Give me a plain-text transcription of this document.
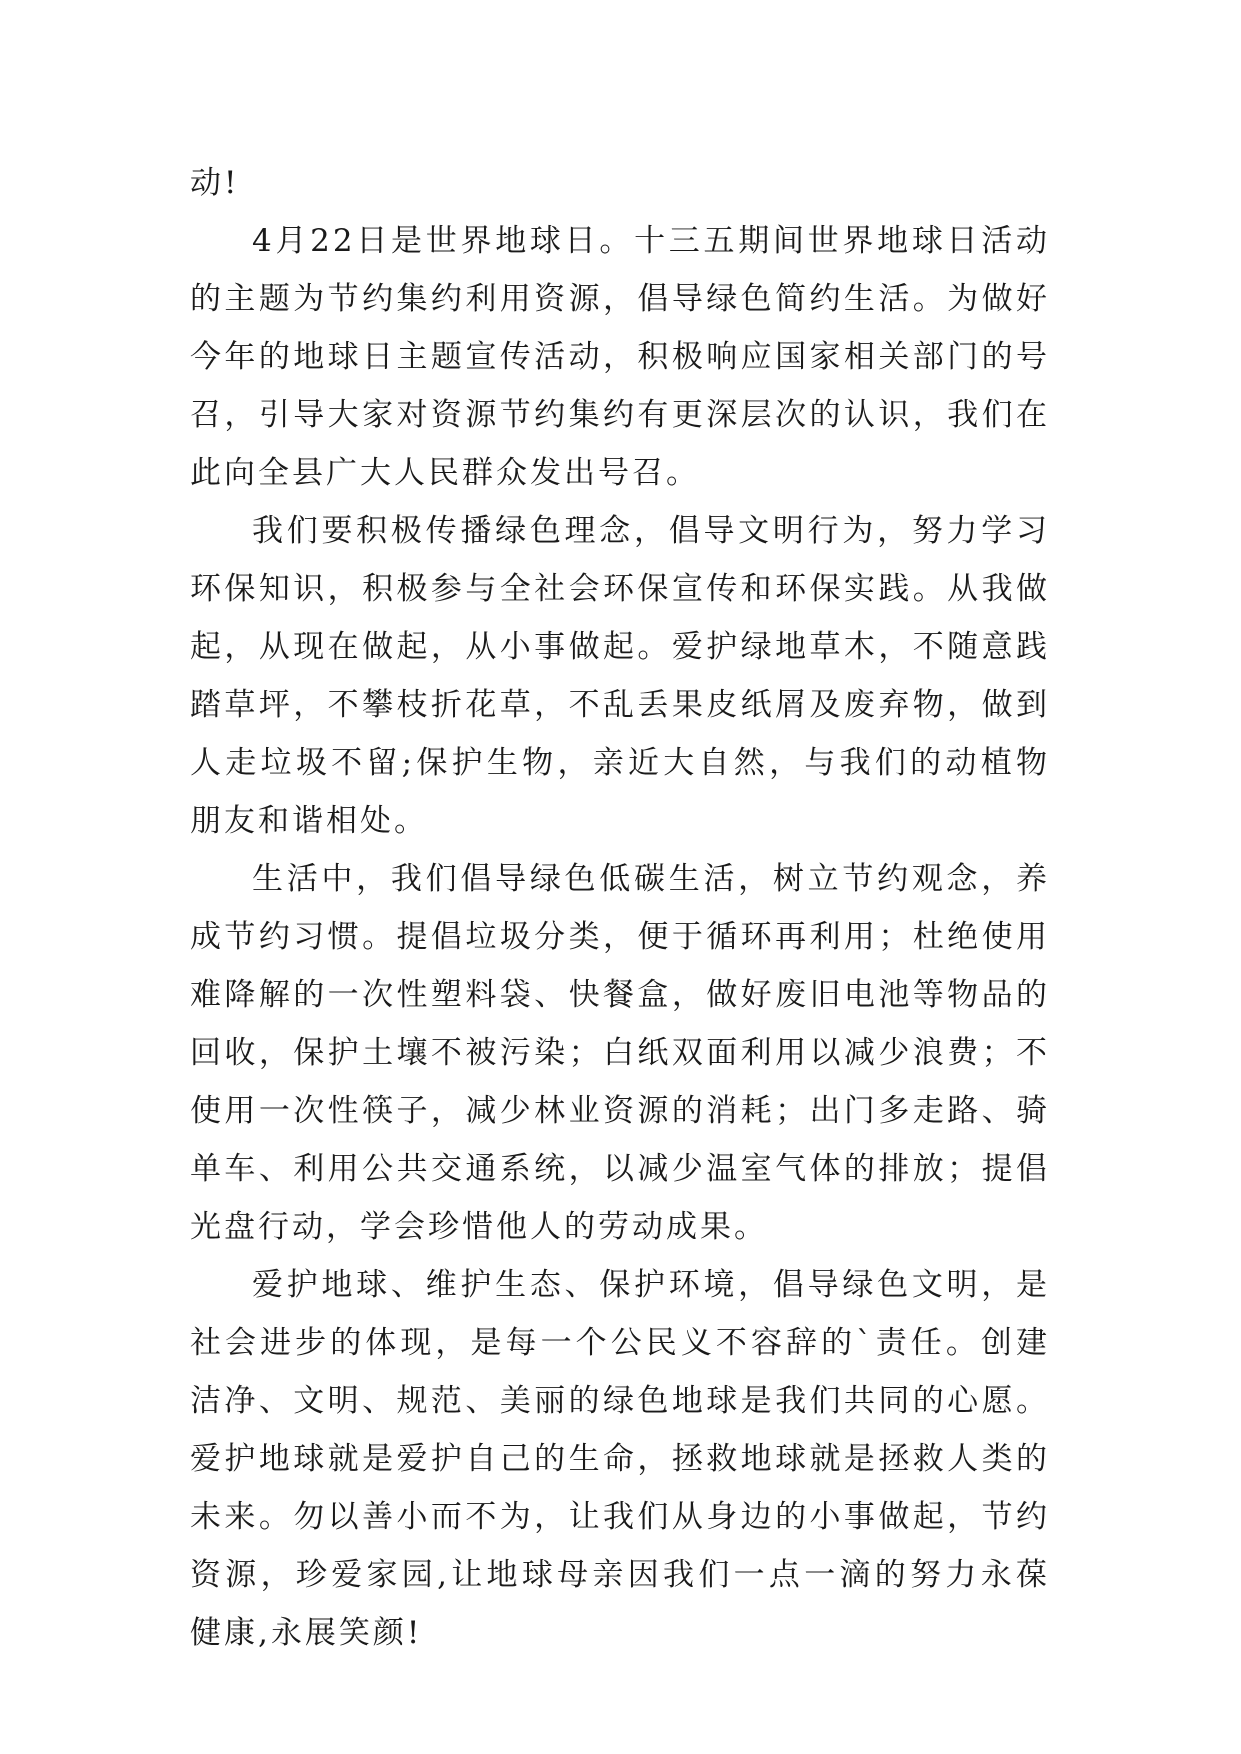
动!

4月22日是世界地球日。十三五期间世界地球日活动的主题为节约集约利用资源，倡导绿色简约生活。为做好今年的地球日主题宣传活动，积极响应国家相关部门的号召，引导大家对资源节约集约有更深层次的认识，我们在此向全县广大人民群众发出号召。

我们要积极传播绿色理念，倡导文明行为，努力学习环保知识，积极参与全社会环保宣传和环保实践。从我做起，从现在做起，从小事做起。爱护绿地草木，不随意践踏草坪，不攀枝折花草，不乱丢果皮纸屑及废弃物，做到人走垃圾不留;保护生物，亲近大自然，与我们的动植物朋友和谐相处。

生活中，我们倡导绿色低碳生活，树立节约观念，养成节约习惯。提倡垃圾分类，便于循环再利用；杜绝使用难降解的一次性塑料袋、快餐盒，做好废旧电池等物品的回收，保护土壤不被污染；白纸双面利用以减少浪费；不使用一次性筷子，减少林业资源的消耗；出门多走路、骑单车、利用公共交通系统，以减少温室气体的排放；提倡光盘行动，学会珍惜他人的劳动成果。

爱护地球、维护生态、保护环境，倡导绿色文明，是社会进步的体现，是每一个公民义不容辞的`责任。创建洁净、文明、规范、美丽的绿色地球是我们共同的心愿。爱护地球就是爱护自己的生命，拯救地球就是拯救人类的未来。勿以善小而不为，让我们从身边的小事做起，节约资源，珍爱家园,让地球母亲因我们一点一滴的努力永葆健康,永展笑颜!
